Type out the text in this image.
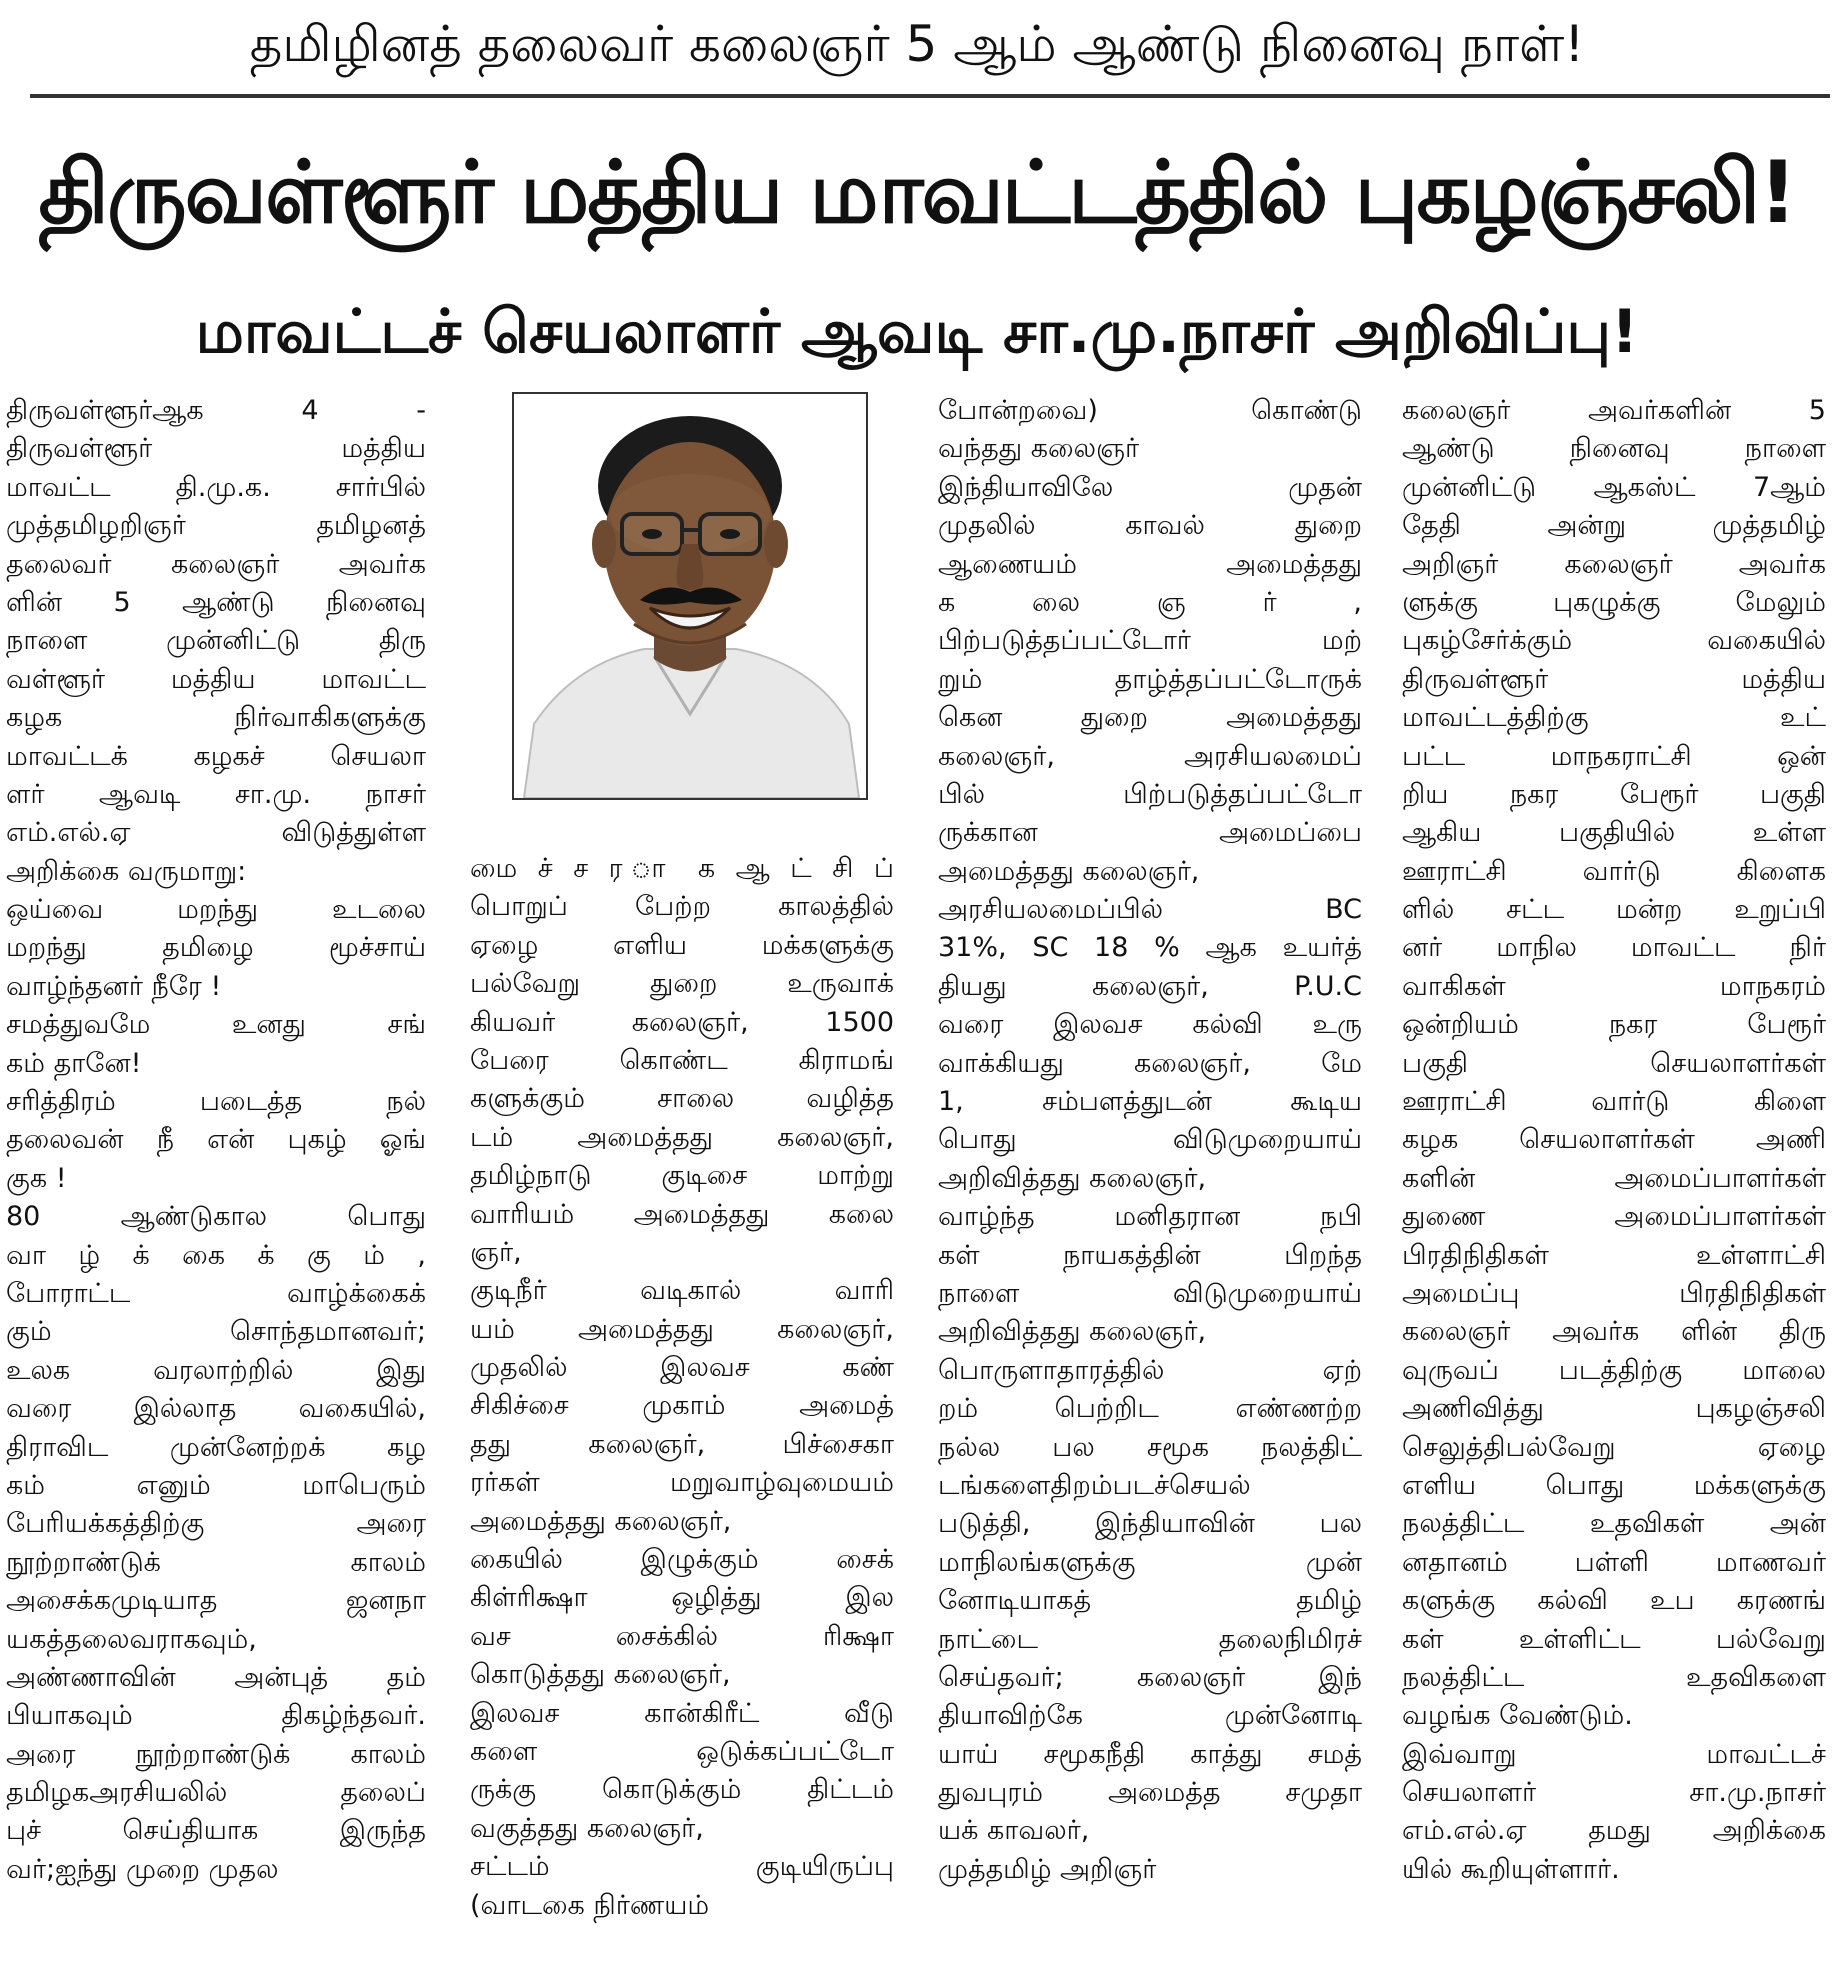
தமிழினத் தலைவர் கலைஞர் 5 ஆம் ஆண்டு நினைவு நாள்!
திருவள்ளூர் மத்திய மாவட்டத்தில் புகழஞ்சலி!
மாவட்டச் செயலாளர் ஆவடி சா.மு.நாசர் அறிவிப்பு!
திருவள்ளூர்ஆக 4 -
திருவள்ளூர் மத்திய
மாவட்ட தி.மு.க. சார்பில்
முத்தமிழறிஞர் தமிழனத்
தலைவர் கலைஞர் அவர்க
ளின் 5 ஆண்டு நினைவு
நாளை முன்னிட்டு திரு
வள்ளூர் மத்திய மாவட்ட
கழக நிர்வாகிகளுக்கு
மாவட்டக் கழகச் செயலா
ளர் ஆவடி சா.மு. நாசர்
எம்.எல்.ஏ விடுத்துள்ள
அறிக்கை வருமாறு:
ஒய்வை மறந்து உடலை
மறந்து தமிழை மூச்சாய்
வாழ்ந்தனர் நீரே !
சமத்துவமே உனது சங்
கம் தானே!
சரித்திரம் படைத்த நல்
தலைவன் நீ என் புகழ் ஓங்
குக !
80 ஆண்டுகால பொது
வா ழ் க் கை க் கு ம் ,
போராட்ட வாழ்க்கைக்
கும் சொந்தமானவர்;
உலக வரலாற்றில் இது
வரை இல்லாத வகையில்,
திராவிட முன்னேற்றக் கழ
கம் எனும் மாபெரும்
பேரியக்கத்திற்கு அரை
நூற்றாண்டுக் காலம்
அசைக்கமுடியாத ஜனநா
யகத்தலைவராகவும்,
அண்ணாவின் அன்புத் தம்
பியாகவும் திகழ்ந்தவர்.
அரை நூற்றாண்டுக் காலம்
தமிழகஅரசியலில் தலைப்
புச் செய்தியாக இருந்த
வர்;ஐந்து முறை முதல
மை ச் ச ர ா க ஆ ட் சி ப்
பொறுப் பேற்ற காலத்தில்
ஏழை எளிய மக்களுக்கு
பல்வேறு துறை உருவாக்
கியவர் கலைஞர், 1500
பேரை கொண்ட கிராமங்
களுக்கும் சாலை வழித்த
டம் அமைத்தது கலைஞர்,
தமிழ்நாடு குடிசை மாற்று
வாரியம் அமைத்தது கலை
ஞர்,
குடிநீர் வடிகால் வாரி
யம் அமைத்தது கலைஞர்,
முதலில் இலவச கண்
சிகிச்சை முகாம் அமைத்
தது கலைஞர், பிச்சைகா
ரர்கள் மறுவாழ்வுமையம்
அமைத்தது கலைஞர்,
கையில் இழுக்கும் சைக்
கிள்ரிக்ஷா ஒழித்து இல
வச சைக்கில் ரிக்ஷா
கொடுத்தது கலைஞர்,
இலவச கான்கிரீட் வீடு
களை ஒடுக்கப்பட்டோ
ருக்கு கொடுக்கும் திட்டம்
வகுத்தது கலைஞர்,
சட்டம் குடியிருப்பு
(வாடகை நிர்ணயம்
போன்றவை) கொண்டு
வந்தது கலைஞர்
இந்தியாவிலே முதன்
முதலில் காவல் துறை
ஆணையம் அமைத்தது
க லை ஞ ர் ,
பிற்படுத்தப்பட்டோர் மற்
றும் தாழ்த்தப்பட்டோருக்
கென துறை அமைத்தது
கலைஞர், அரசியலமைப்
பில் பிற்படுத்தப்பட்டோ
ருக்கான அமைப்பை
அமைத்தது கலைஞர்,
அரசியலமைப்பில் BC
31%, SC 18 % ஆக உயர்த்
தியது கலைஞர், P.U.C
வரை இலவச கல்வி உரு
வாக்கியது கலைஞர், மே
1, சம்பளத்துடன் கூடிய
பொது விடுமுறையாய்
அறிவித்தது கலைஞர்,
வாழ்ந்த மனிதரான நபி
கள் நாயகத்தின் பிறந்த
நாளை விடுமுறையாய்
அறிவித்தது கலைஞர்,
பொருளாதாரத்தில் ஏற்
றம் பெற்றிட எண்ணற்ற
நல்ல பல சமூக நலத்திட்
டங்களைதிறம்படச்செயல்
படுத்தி, இந்தியாவின் பல
மாநிலங்களுக்கு முன்
னோடியாகத் தமிழ்
நாட்டை தலைநிமிரச்
செய்தவர்; கலைஞர் இந்
தியாவிற்கே முன்னோடி
யாய் சமூகநீதி காத்து சமத்
துவபுரம் அமைத்த சமுதா
யக் காவலர்,
முத்தமிழ் அறிஞர்
கலைஞர் அவர்களின் 5
ஆண்டு நினைவு நாளை
முன்னிட்டு ஆகஸ்ட் 7ஆம்
தேதி அன்று முத்தமிழ்
அறிஞர் கலைஞர் அவர்க
ளுக்கு புகழுக்கு மேலும்
புகழ்சேர்க்கும் வகையில்
திருவள்ளூர் மத்திய
மாவட்டத்திற்கு உட்
பட்ட மாநகராட்சி ஒன்
றிய நகர பேரூர் பகுதி
ஆகிய பகுதியில் உள்ள
ஊராட்சி வார்டு கிளைக
ளில் சட்ட மன்ற உறுப்பி
னர் மாநில மாவட்ட நிர்
வாகிகள் மாநகரம்
ஒன்றியம் நகர பேரூர்
பகுதி செயலாளர்கள்
ஊராட்சி வார்டு கிளை
கழக செயலாளர்கள் அணி
களின் அமைப்பாளர்கள்
துணை அமைப்பாளர்கள்
பிரதிநிதிகள் உள்ளாட்சி
அமைப்பு பிரதிநிதிகள்
கலைஞர் அவர்க ளின் திரு
வுருவப் படத்திற்கு மாலை
அணிவித்து புகழஞ்சலி
செலுத்திபல்வேறு ஏழை
எளிய பொது மக்களுக்கு
நலத்திட்ட உதவிகள் அன்
னதானம் பள்ளி மாணவர்
களுக்கு கல்வி உப கரணங்
கள் உள்ளிட்ட பல்வேறு
நலத்திட்ட உதவிகளை
வழங்க வேண்டும்.
இவ்வாறு மாவட்டச்
செயலாளர் சா.மு.நாசர்
எம்.எல்.ஏ தமது அறிக்கை
யில் கூறியுள்ளார்.
